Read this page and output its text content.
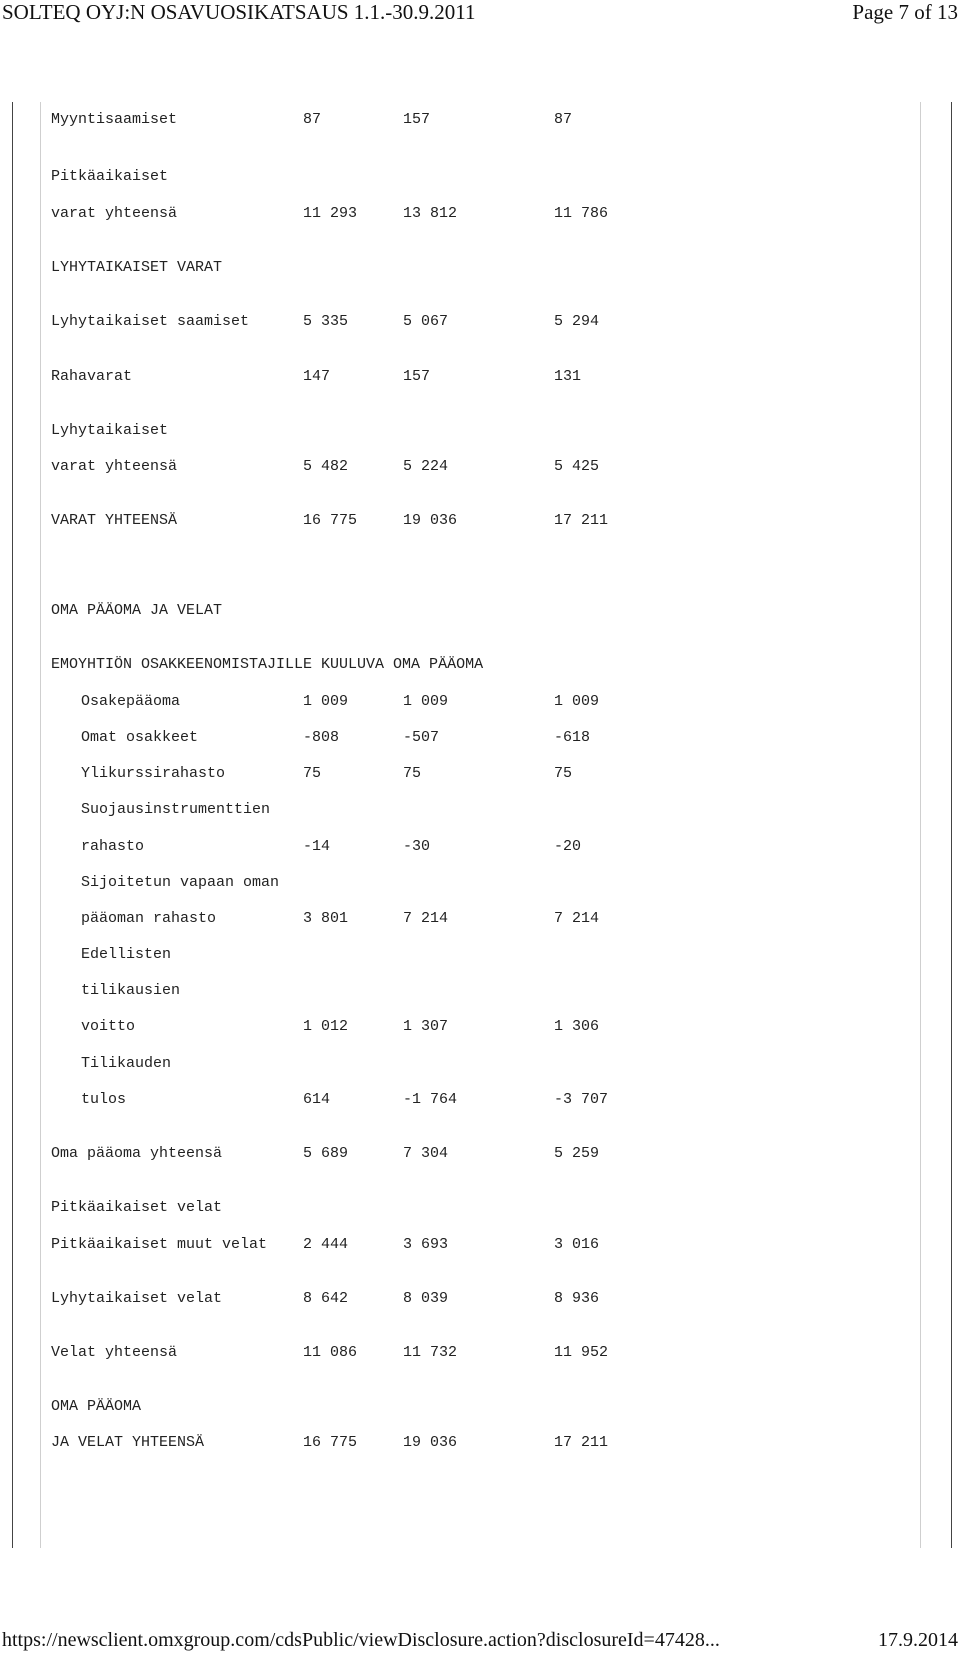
SOLTEQ OYJ:N OSAVUOSIKATSAUS 1.1.-30.9.2011	Page 7 of 13
Myyntisaamiset	87	157	87
Pitkäaikaiset
varat yhteensä	11 293	13 812	11 786
LYHYTAIKAISET VARAT
Lyhytaikaiset saamiset	5 335	5 067	5 294
Rahavarat	147	157	131
Lyhytaikaiset
varat yhteensä	5 482	5 224	5 425
VARAT YHTEENSÄ	16 775	19 036	17 211
OMA PÄÄOMA JA VELAT
EMOYHTIÖN OSAKKEENOMISTAJILLE KUULUVA OMA PÄÄOMA
Osakepääoma	1 009	1 009	1 009
Omat osakkeet	-808	-507	-618
Ylikurssirahasto	75	75	75
Suojausinstrumenttien
rahasto	-14	-30	-20
Sijoitetun vapaan oman
pääoman rahasto	3 801	7 214	7 214
Edellisten
tilikausien
voitto	1 012	1 307	1 306
Tilikauden
tulos	614	-1 764	-3 707
Oma pääoma yhteensä	5 689	7 304	5 259
Pitkäaikaiset velat
Pitkäaikaiset muut velat 2 444	3 693	3 016
Lyhytaikaiset velat	8 642	8 039	8 936
Velat yhteensä	11 086	11 732	11 952
OMA PÄÄOMA
JA VELAT YHTEENSÄ	16 775	19 036	17 211
https://newsclient.omxgroup.com/cdsPublic/viewDisclosure.action?disclosureId=47428...	17.9.2014
